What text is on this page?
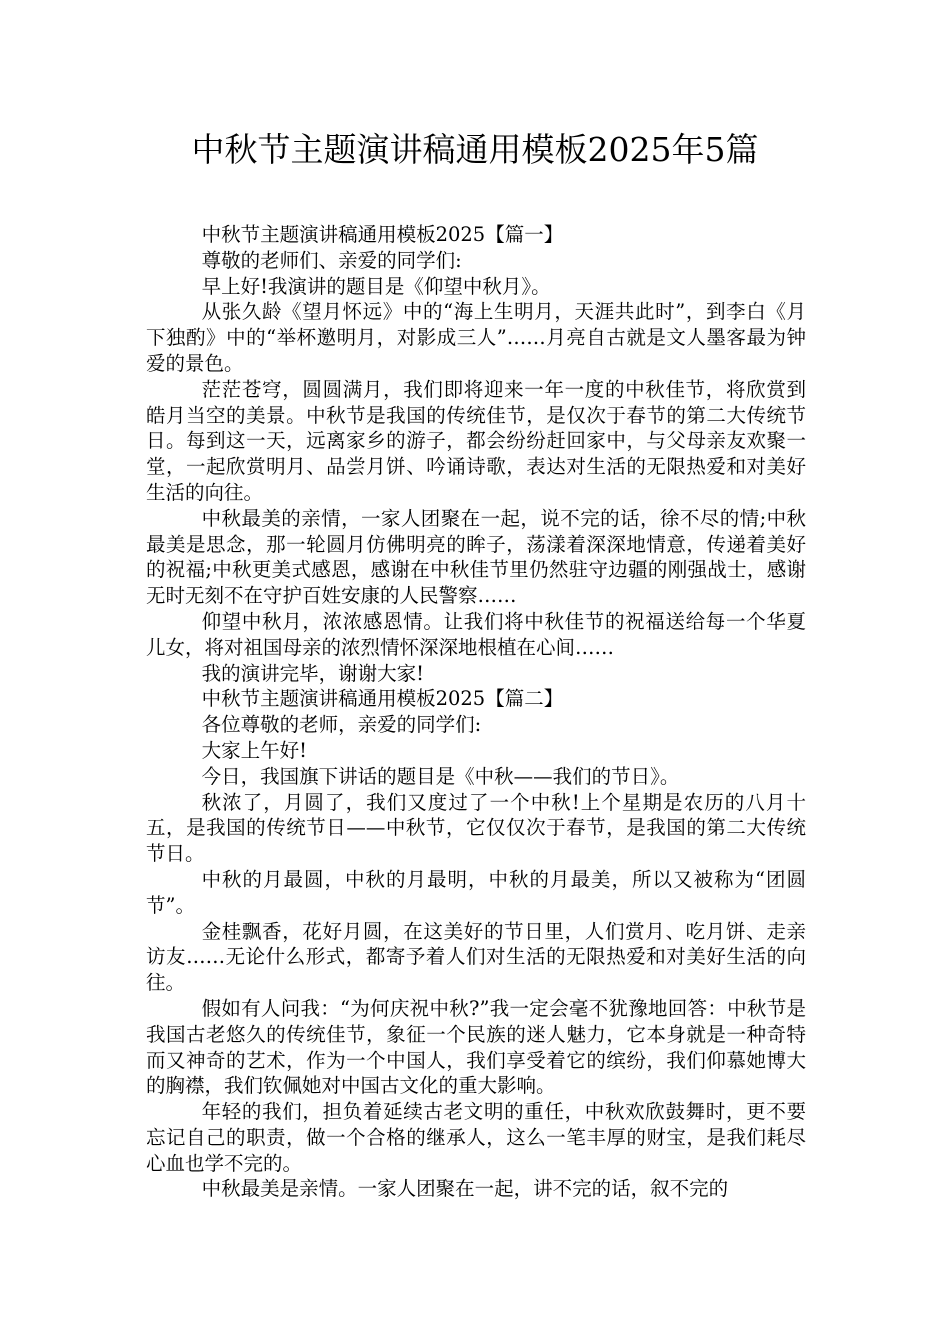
中秋节主题演讲稿通用模板2025年5篇

中秋节主题演讲稿通用模板2025【篇一】

尊敬的老师们、亲爱的同学们:

早上好!我演讲的题目是《仰望中秋月》。

从张久龄《望月怀远》中的“海上生明月，天涯共此时”，到李白《月下独酌》中的“举杯邀明月，对影成三人”……月亮自古就是文人墨客最为钟爱的景色。

茫茫苍穹，圆圆满月，我们即将迎来一年一度的中秋佳节，将欣赏到皓月当空的美景。中秋节是我国的传统佳节，是仅次于春节的第二大传统节日。每到这一天，远离家乡的游子，都会纷纷赶回家中，与父母亲友欢聚一堂，一起欣赏明月、品尝月饼、吟诵诗歌，表达对生活的无限热爱和对美好生活的向往。

中秋最美的亲情，一家人团聚在一起，说不完的话，徐不尽的情;中秋最美是思念，那一轮圆月仿佛明亮的眸子，荡漾着深深地情意，传递着美好的祝福;中秋更美式感恩，感谢在中秋佳节里仍然驻守边疆的刚强战士，感谢无时无刻不在守护百姓安康的人民警察……

仰望中秋月，浓浓感恩情。让我们将中秋佳节的祝福送给每一个华夏儿女，将对祖国母亲的浓烈情怀深深地根植在心间……

我的演讲完毕，谢谢大家!

中秋节主题演讲稿通用模板2025【篇二】

各位尊敬的老师，亲爱的同学们:

大家上午好!

今日，我国旗下讲话的题目是《中秋——我们的节日》。

秋浓了，月圆了，我们又度过了一个中秋!上个星期是农历的八月十五，是我国的传统节日——中秋节，它仅仅次于春节，是我国的第二大传统节日。

中秋的月最圆，中秋的月最明，中秋的月最美，所以又被称为“团圆节”。

金桂飘香，花好月圆，在这美好的节日里，人们赏月、吃月饼、走亲访友……无论什么形式，都寄予着人们对生活的无限热爱和对美好生活的向往。

假如有人问我：“为何庆祝中秋?”我一定会毫不犹豫地回答：中秋节是我国古老悠久的传统佳节，象征一个民族的迷人魅力，它本身就是一种奇特而又神奇的艺术，作为一个中国人，我们享受着它的缤纷，我们仰慕她博大的胸襟，我们钦佩她对中国古文化的重大影响。

年轻的我们，担负着延续古老文明的重任，中秋欢欣鼓舞时，更不要忘记自己的职责，做一个合格的继承人，这么一笔丰厚的财宝，是我们耗尽心血也学不完的。

中秋最美是亲情。一家人团聚在一起，讲不完的话，叙不完的
